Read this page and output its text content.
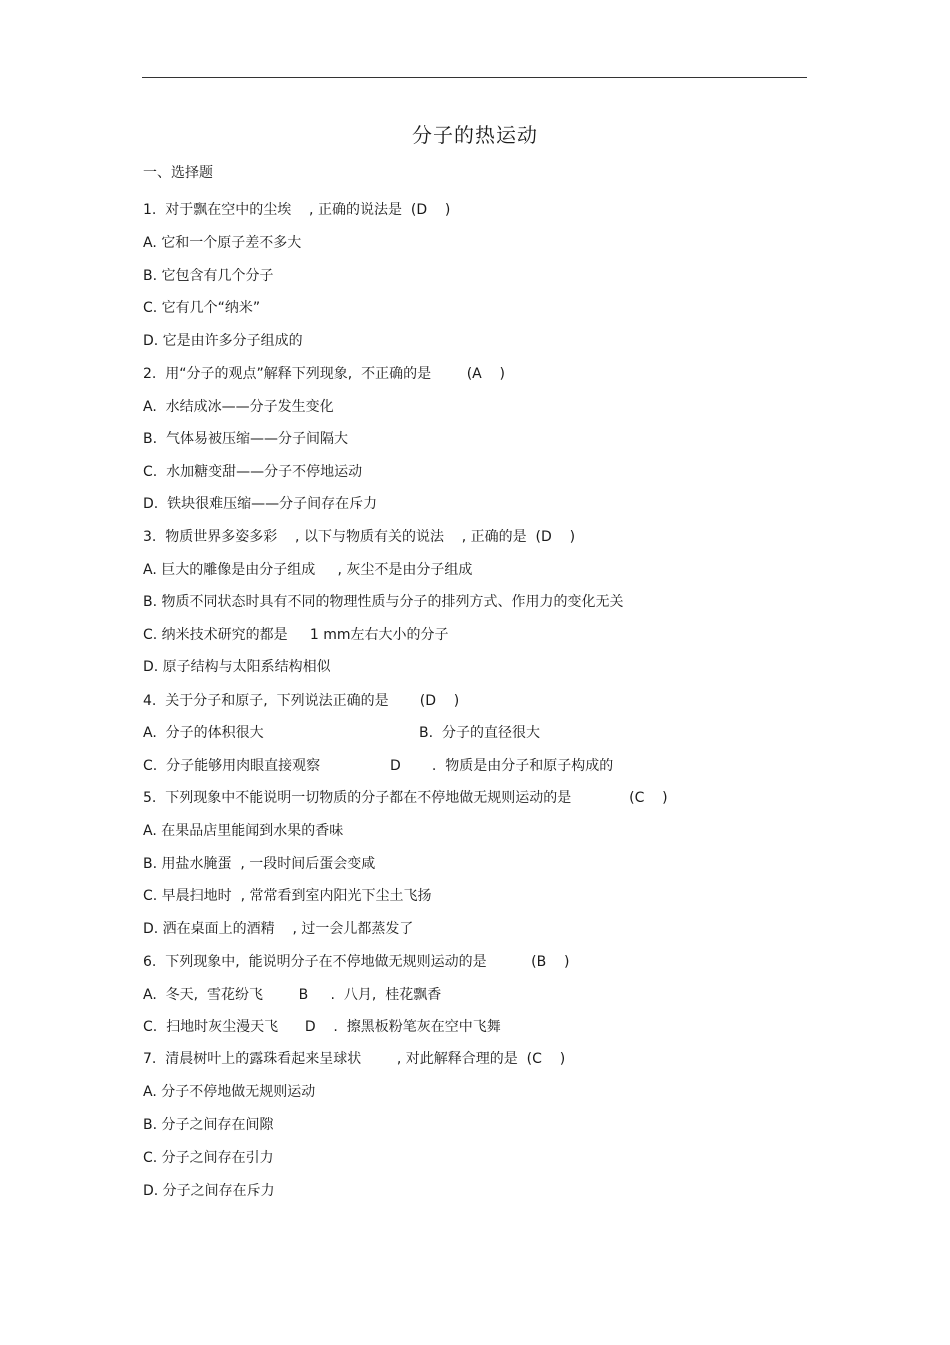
分子的热运动
一、选择题
1.  对于飘在空中的尘埃    , 正确的说法是  (D    )
A. 它和一个原子差不多大
B. 它包含有几个分子
C. 它有几个“纳米”
D. 它是由许多分子组成的
2.  用“分子的观点”解释下列现象,  不正确的是        (A    )
A.  水结成冰——分子发生变化
B.  气体易被压缩——分子间隔大
C.  水加糖变甜——分子不停地运动
D.  铁块很难压缩——分子间存在斥力
3.  物质世界多姿多彩    , 以下与物质有关的说法    , 正确的是  (D    )
A. 巨大的雕像是由分子组成     , 灰尘不是由分子组成
B. 物质不同状态时具有不同的物理性质与分子的排列方式、作用力的变化无关
C. 纳米技术研究的都是     1 mm左右大小的分子
D. 原子结构与太阳系结构相似
4.  关于分子和原子,  下列说法正确的是       (D    )
A.  分子的体积很大	B.  分子的直径很大
C.  分子能够用肉眼直接观察	D       .  物质是由分子和原子构成的
5.  下列现象中不能说明一切物质的分子都在不停地做无规则运动的是             (C    )
A. 在果品店里能闻到水果的香味
B. 用盐水腌蛋  , 一段时间后蛋会变咸
C. 早晨扫地时  , 常常看到室内阳光下尘土飞扬
D. 洒在桌面上的酒精    , 过一会儿都蒸发了
6.  下列现象中,  能说明分子在不停地做无规则运动的是          (B    )
A.  冬天,  雪花纷飞        B     .  八月,  桂花飘香
C.  扫地时灰尘漫天飞      D    .  擦黑板粉笔灰在空中飞舞
7.  清晨树叶上的露珠看起来呈球状        , 对此解释合理的是  (C    )
A. 分子不停地做无规则运动
B. 分子之间存在间隙
C. 分子之间存在引力
D. 分子之间存在斥力
